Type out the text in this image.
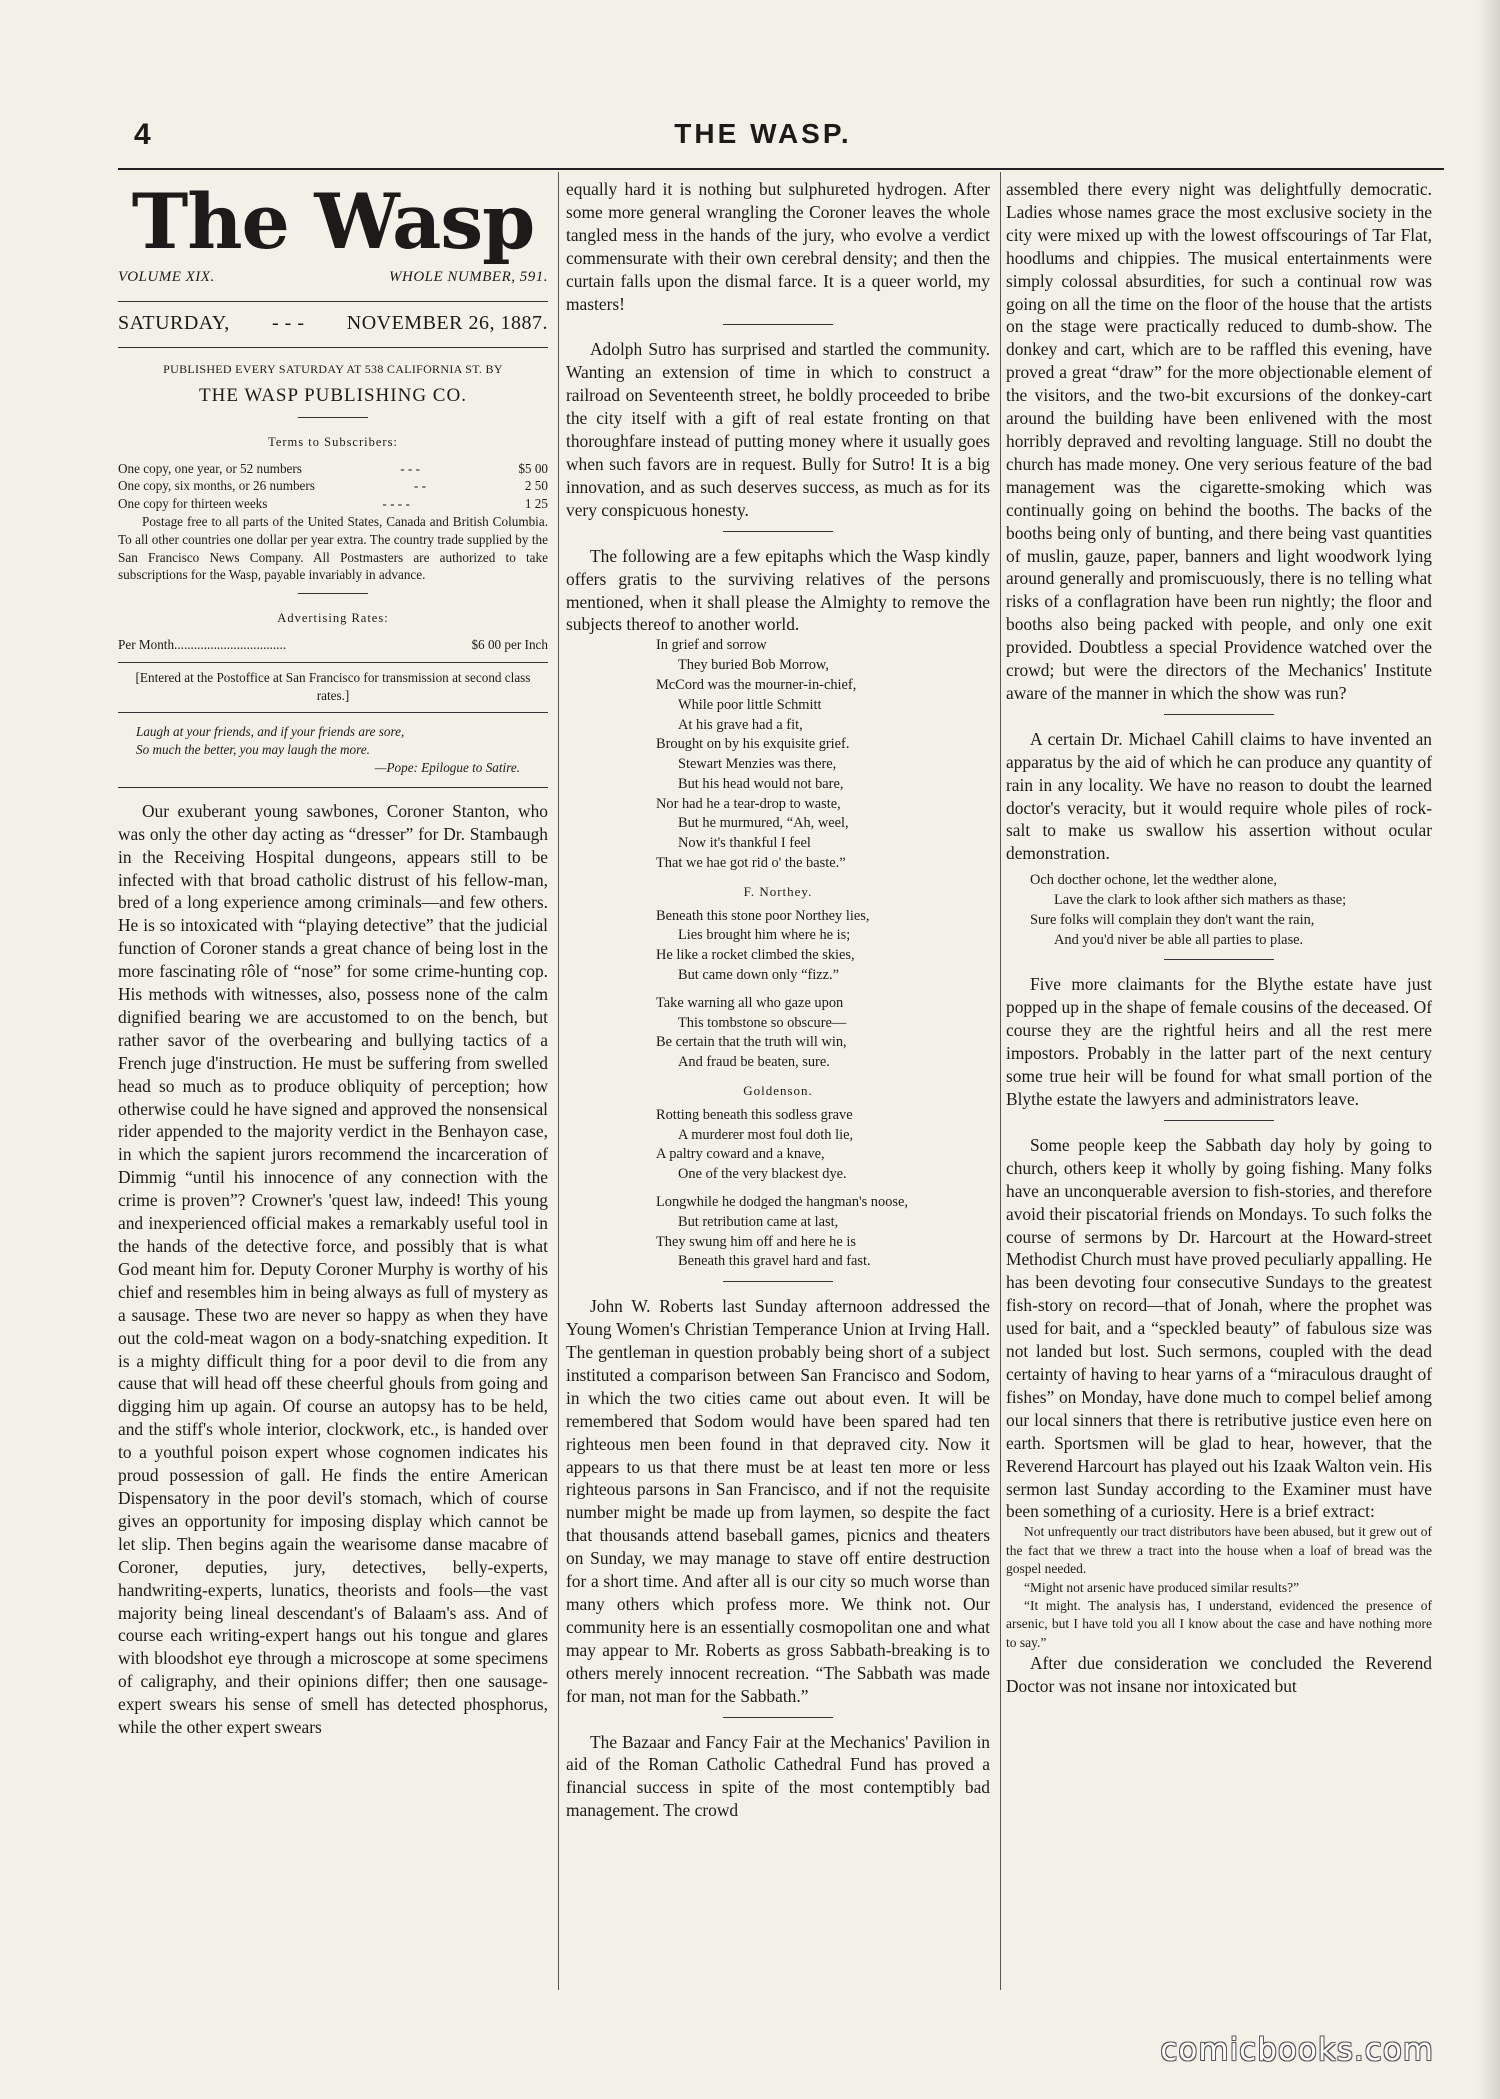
4	THE WASP.
The Wasp
VOLUME XIX.	WHOLE NUMBER, 591.
SATURDAY, - - - NOVEMBER 26, 1887.
PUBLISHED EVERY SATURDAY AT 538 CALIFORNIA ST. BY
THE WASP PUBLISHING CO.
Terms to Subscribers:
One copy, one year, or 52 numbers	- - -	$5 00
One copy, six months, or 26 numbers	- -	2 50
One copy for thirteen weeks	- - - -	1 25

Postage free to all parts of the United States, Canada and British Columbia. To all other countries one dollar per year extra. The country trade supplied by the San Francisco News Company. All Postmasters are authorized to take subscriptions for the Wasp, payable invariably in advance.

Advertising Rates:
Per Month..................................	$6 00 per Inch

[Entered at the Postoffice at San Francisco for transmission at second class rates.]

Laugh at your friends, and if your friends are sore,
So much the better, you may laugh the more.
—Pope: Epilogue to Satire.

Our exuberant young sawbones, Coroner Stanton, who was only the other day acting as “dresser” for Dr. Stambaugh in the Receiving Hospital dungeons, appears still to be infected with that broad catholic distrust of his fellow-man, bred of a long experience among criminals—and few others. He is so intoxicated with “playing detective” that the judicial function of Coroner stands a great chance of being lost in the more fascinating rôle of “nose” for some crime-hunting cop. His methods with witnesses, also, possess none of the calm dignified bearing we are accustomed to on the bench, but rather savor of the overbearing and bullying tactics of a French juge d'instruction. He must be suffering from swelled head so much as to produce obliquity of perception; how otherwise could he have signed and approved the nonsensical rider appended to the majority verdict in the Benhayon case, in which the sapient jurors recommend the incarceration of Dimmig “until his innocence of any connection with the crime is proven”? Crowner's 'quest law, indeed! This young and inexperienced official makes a remarkably useful tool in the hands of the detective force, and possibly that is what God meant him for. Deputy Coroner Murphy is worthy of his chief and resembles him in being always as full of mystery as a sausage. These two are never so happy as when they have out the cold-meat wagon on a body-snatching expedition. It is a mighty difficult thing for a poor devil to die from any cause that will head off these cheerful ghouls from going and digging him up again. Of course an autopsy has to be held, and the stiff's whole interior, clockwork, etc., is handed over to a youthful poison expert whose cognomen indicates his proud possession of gall. He finds the entire American Dispensatory in the poor devil's stomach, which of course gives an opportunity for imposing display which cannot be let slip. Then begins again the wearisome danse macabre of Coroner, deputies, jury, detectives, belly-experts, handwriting-experts, lunatics, theorists and fools—the vast majority being lineal descendant's of Balaam's ass. And of course each writing-expert hangs out his tongue and glares with bloodshot eye through a microscope at some specimens of caligraphy, and their opinions differ; then one sausage-expert swears his sense of smell has detected phosphorus, while the other expert swears

equally hard it is nothing but sulphureted hydrogen. After some more general wrangling the Coroner leaves the whole tangled mess in the hands of the jury, who evolve a verdict commensurate with their own cerebral density; and then the curtain falls upon the dismal farce. It is a queer world, my masters!

Adolph Sutro has surprised and startled the community. Wanting an extension of time in which to construct a railroad on Seventeenth street, he boldly proceeded to bribe the city itself with a gift of real estate fronting on that thoroughfare instead of putting money where it usually goes when such favors are in request. Bully for Sutro! It is a big innovation, and as such deserves success, as much as for its very conspicuous honesty.

The following are a few epitaphs which the Wasp kindly offers gratis to the surviving relatives of the persons mentioned, when it shall please the Almighty to remove the subjects thereof to another world.

In grief and sorrow
They buried Bob Morrow,
McCord was the mourner-in-chief,
While poor little Schmitt
At his grave had a fit,
Brought on by his exquisite grief.
Stewart Menzies was there,
But his head would not bare,
Nor had he a tear-drop to waste,
But he murmured, “Ah, weel,
Now it's thankful I feel
That we hae got rid o' the baste.”
F. Northey.
Beneath this stone poor Northey lies,
Lies brought him where he is;
He like a rocket climbed the skies,
But came down only “fizz.”
Take warning all who gaze upon
This tombstone so obscure—
Be certain that the truth will win,
And fraud be beaten, sure.
Goldenson.
Rotting beneath this sodless grave
A murderer most foul doth lie,
A paltry coward and a knave,
One of the very blackest dye.
Longwhile he dodged the hangman's noose,
But retribution came at last,
They swung him off and here he is
Beneath this gravel hard and fast.

John W. Roberts last Sunday afternoon addressed the Young Women's Christian Temperance Union at Irving Hall. The gentleman in question probably being short of a subject instituted a comparison between San Francisco and Sodom, in which the two cities came out about even. It will be remembered that Sodom would have been spared had ten righteous men been found in that depraved city. Now it appears to us that there must be at least ten more or less righteous parsons in San Francisco, and if not the requisite number might be made up from laymen, so despite the fact that thousands attend baseball games, picnics and theaters on Sunday, we may manage to stave off entire destruction for a short time. And after all is our city so much worse than many others which profess more. We think not. Our community here is an essentially cosmopolitan one and what may appear to Mr. Roberts as gross Sabbath-breaking is to others merely innocent recreation. “The Sabbath was made for man, not man for the Sabbath.”

The Bazaar and Fancy Fair at the Mechanics' Pavilion in aid of the Roman Catholic Cathedral Fund has proved a financial success in spite of the most contemptibly bad management. The crowd

assembled there every night was delightfully democratic. Ladies whose names grace the most exclusive society in the city were mixed up with the lowest offscourings of Tar Flat, hoodlums and chippies. The musical entertainments were simply colossal absurdities, for such a continual row was going on all the time on the floor of the house that the artists on the stage were practically reduced to dumb-show. The donkey and cart, which are to be raffled this evening, have proved a great “draw” for the more objectionable element of the visitors, and the two-bit excursions of the donkey-cart around the building have been enlivened with the most horribly depraved and revolting language. Still no doubt the church has made money. One very serious feature of the bad management was the cigarette-smoking which was continually going on behind the booths. The backs of the booths being only of bunting, and there being vast quantities of muslin, gauze, paper, banners and light woodwork lying around generally and promiscuously, there is no telling what risks of a conflagration have been run nightly; the floor and booths also being packed with people, and only one exit provided. Doubtless a special Providence watched over the crowd; but were the directors of the Mechanics' Institute aware of the manner in which the show was run?

A certain Dr. Michael Cahill claims to have invented an apparatus by the aid of which he can produce any quantity of rain in any locality. We have no reason to doubt the learned doctor's veracity, but it would require whole piles of rock-salt to make us swallow his assertion without ocular demonstration.

Och docther ochone, let the wedther alone,
Lave the clark to look afther sich mathers as thase;
Sure folks will complain they don't want the rain,
And you'd niver be able all parties to plase.

Five more claimants for the Blythe estate have just popped up in the shape of female cousins of the deceased. Of course they are the rightful heirs and all the rest mere impostors. Probably in the latter part of the next century some true heir will be found for what small portion of the Blythe estate the lawyers and administrators leave.

Some people keep the Sabbath day holy by going to church, others keep it wholly by going fishing. Many folks have an unconquerable aversion to fish-stories, and therefore avoid their piscatorial friends on Mondays. To such folks the course of sermons by Dr. Harcourt at the Howard-street Methodist Church must have proved peculiarly appalling. He has been devoting four consecutive Sundays to the greatest fish-story on record—that of Jonah, where the prophet was used for bait, and a “speckled beauty” of fabulous size was not landed but lost. Such sermons, coupled with the dead certainty of having to hear yarns of a “miraculous draught of fishes” on Monday, have done much to compel belief among our local sinners that there is retributive justice even here on earth. Sportsmen will be glad to hear, however, that the Reverend Harcourt has played out his Izaak Walton vein. His sermon last Sunday according to the Examiner must have been something of a curiosity. Here is a brief extract:

Not unfrequently our tract distributors have been abused, but it grew out of the fact that we threw a tract into the house when a loaf of bread was the gospel needed.

“Might not arsenic have produced similar results?”

“It might. The analysis has, I understand, evidenced the presence of arsenic, but I have told you all I know about the case and have nothing more to say.”

After due consideration we concluded the Reverend Doctor was not insane nor intoxicated but

comicbooks.com
